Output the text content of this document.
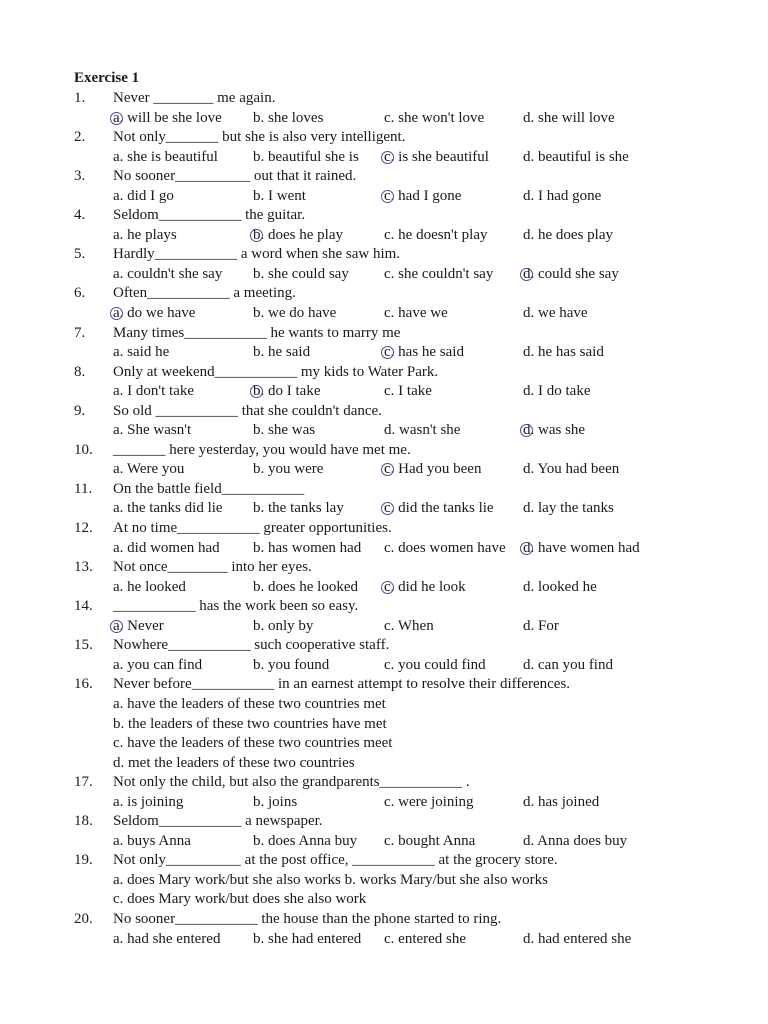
Exercise 1
1. Never ________ me again.
a. will be she love b. she loves	c. she won't love	d. she will love
2. Not only_______ but she is also very intelligent.
a. she is beautiful b. beautiful she is c. is she beautiful d. beautiful is she
3. No sooner__________ out that it rained.
a. did I go	b. I went	c. had I gone	d. I had gone
4. Seldom___________ the guitar.
a. he plays	b. does he play	c. he doesn't play d. he does play
5. Hardly___________ a word when she saw him.
a. couldn't she say b. she could say c. she couldn't say d. could she say
6. Often___________ a meeting.
a. do we have	b. we do have	c. have we	d. we have
7. Many times___________ he wants to marry me
a. said he	b. he said	c. has he said	d. he has said
8. Only at weekend___________ my kids to Water Park.
a. I don't take	b. do I take	c. I take	d. I do take
9. So old ___________ that she couldn't dance.
a. She wasn't	b. she was	d. wasn't she	d. was she
10. _______ here yesterday, you would have met me.
a. Were you	b. you were	c. Had you been	d. You had been
11. On the battle field___________
a. the tanks did lie b. the tanks lay	c. did the tanks lie d. lay the tanks
12. At no time___________ greater opportunities.
a. did women had b. has women had c. does women have d. have women had
13. Not once________ into her eyes.
a. he looked	b. does he looked c. did he look	d. looked he
14. ___________ has the work been so easy.
a. Never	b. only by	c. When	d. For
15. Nowhere___________ such cooperative staff.
a. you can find	b. you found	c. you could find d. can you find
16. Never before___________ in an earnest attempt to resolve their differences.
a. have the leaders of these two countries met
b. the leaders of these two countries have met
c. have the leaders of these two countries meet
d. met the leaders of these two countries
17. Not only the child, but also the grandparents___________ .
a. is joining	b. joins	c. were joining	d. has joined
18. Seldom___________ a newspaper.
a. buys Anna	b. does Anna buy c. bought Anna	d. Anna does buy
19. Not only__________ at the post office, ___________ at the grocery store.
a. does Mary work/but she also works b. works Mary/but she also works
c. does Mary work/but does she also work
20. No sooner___________ the house than the phone started to ring.
a. had she entered b. she had entered c. entered she	d. had entered she
